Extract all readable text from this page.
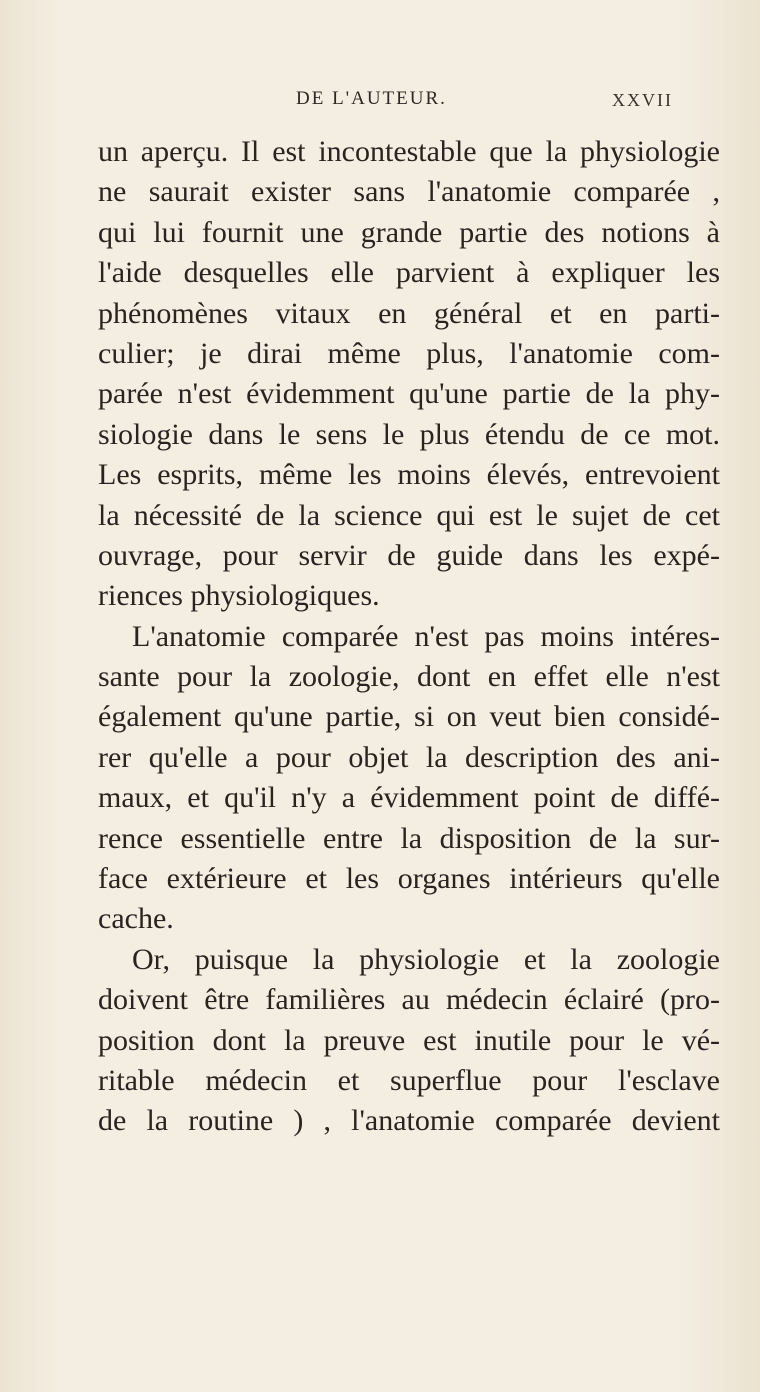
DE L'AUTEUR.	XXVII
un aperçu. Il est incontestable que la physiologie
ne saurait exister sans l'anatomie comparée ,
qui lui fournit une grande partie des notions à
l'aide desquelles elle parvient à expliquer les
phénomènes vitaux en général et en parti-
culier; je dirai même plus, l'anatomie com-
parée n'est évidemment qu'une partie de la phy-
siologie dans le sens le plus étendu de ce mot.
Les esprits, même les moins élevés, entrevoient
la nécessité de la science qui est le sujet de cet
ouvrage, pour servir de guide dans les expé-
riences physiologiques.
L'anatomie comparée n'est pas moins intéres-
sante pour la zoologie, dont en effet elle n'est
également qu'une partie, si on veut bien considé-
rer qu'elle a pour objet la description des ani-
maux, et qu'il n'y a évidemment point de diffé-
rence essentielle entre la disposition de la sur-
face extérieure et les organes intérieurs qu'elle
cache.
Or, puisque la physiologie et la zoologie
doivent être familières au médecin éclairé (pro-
position dont la preuve est inutile pour le vé-
ritable médecin et superflue pour l'esclave
de la routine ) , l'anatomie comparée devient
